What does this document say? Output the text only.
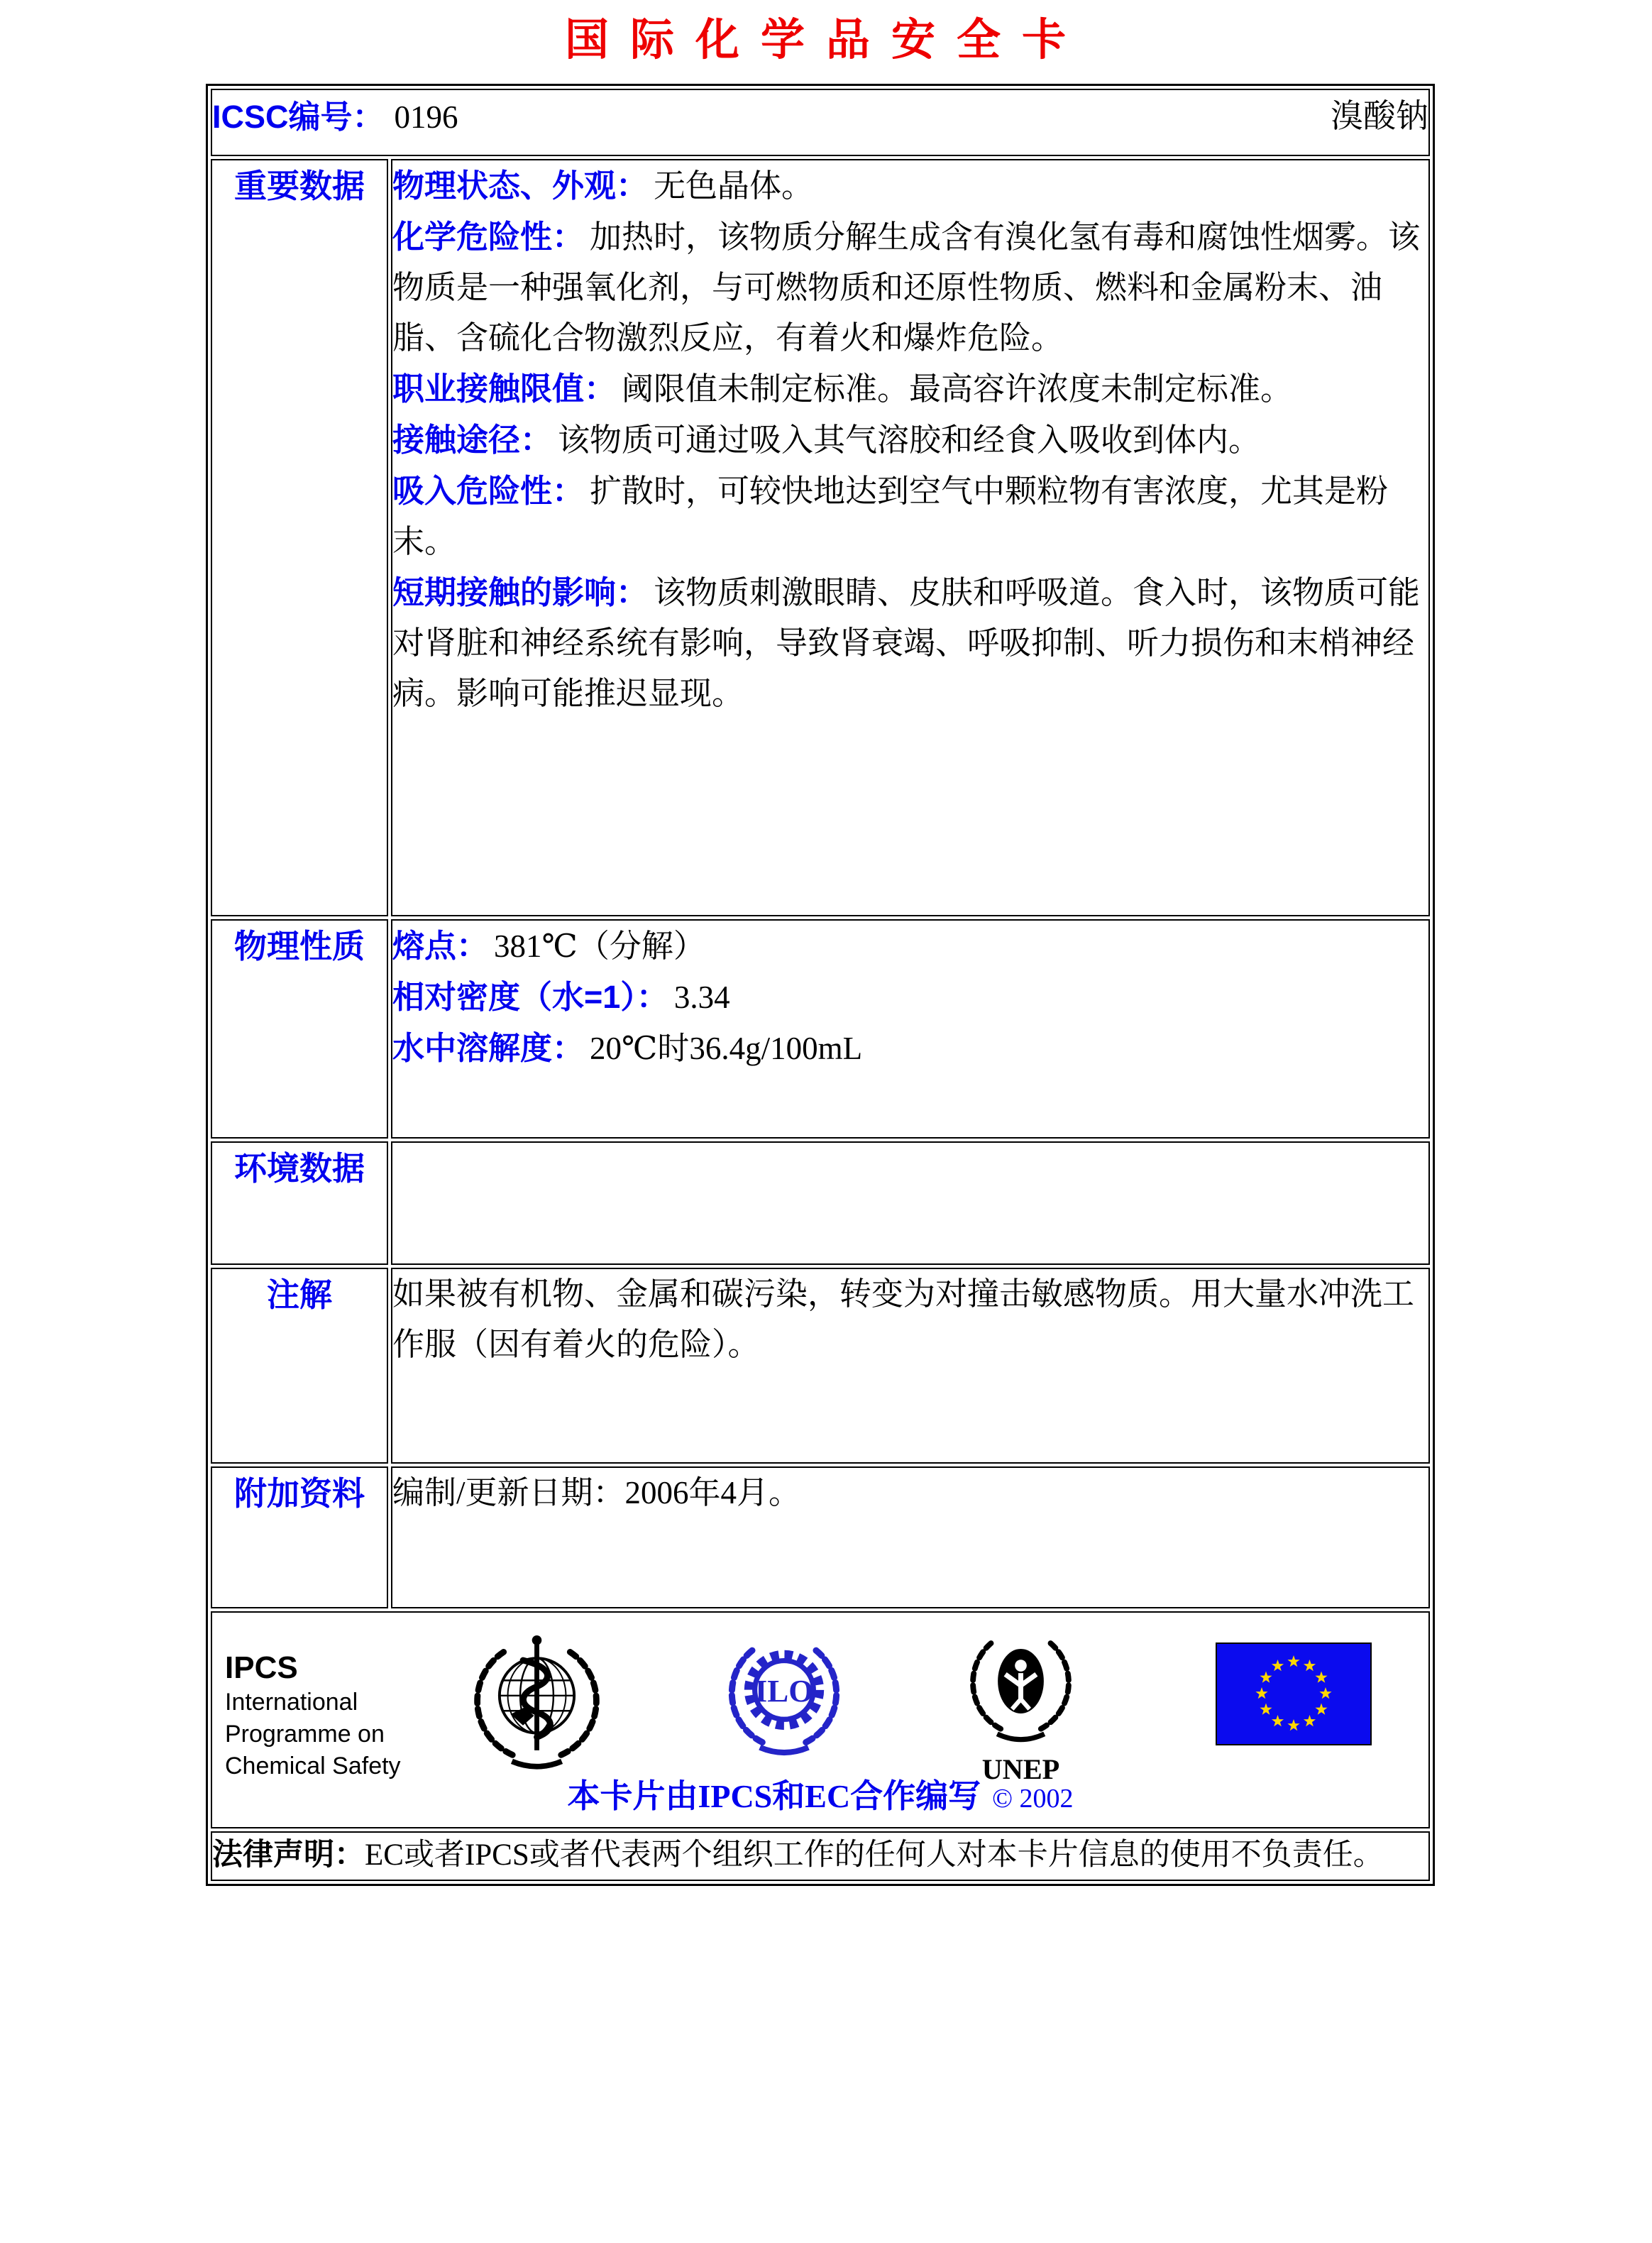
国际化学品安全卡
ICSC编号： 0196 溴酸钠	

重要数据	物理状态、外观： 无色晶体。
化学危险性： 加热时，该物质分解生成含有溴化氢有毒和腐蚀性烟雾。该物质是一种强氧化剂，与可燃物质和还原性物质、燃料和金属粉末、油脂、含硫化合物激烈反应，有着火和爆炸危险。
职业接触限值： 阈限值未制定标准。最高容许浓度未制定标准。
接触途径： 该物质可通过吸入其气溶胶和经食入吸收到体内。
吸入危险性： 扩散时，可较快地达到空气中颗粒物有害浓度，尤其是粉末。
短期接触的影响： 该物质刺激眼睛、皮肤和呼吸道。食入时，该物质可能对肾脏和神经系统有影响，导致肾衰竭、呼吸抑制、听力损伤和末梢神经病。影响可能推迟显现。

物理性质	熔点： 381℃（分解）
相对密度（水=1）： 3.34
水中溶解度： 20℃时36.4g/100mL

环境数据	
注解	如果被有机物、金属和碳污染，转变为对撞击敏感物质。用大量水冲洗工作服（因有着火的危险）。

附加资料	编制/更新日期：2006年4月。

IPCS
International
Programme on
Chemical Safety
ILO
UNEP
本卡片由IPCS和EC合作编写 © 2002

法律声明：EC或者IPCS或者代表两个组织工作的任何人对本卡片信息的使用不负责任。	
